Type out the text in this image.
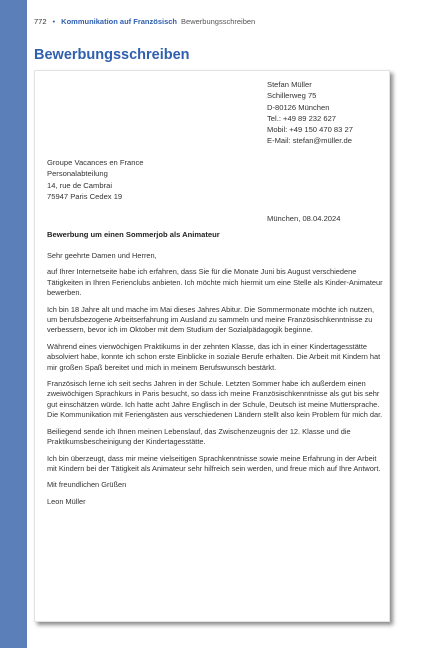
772 • Kommunikation auf Französisch Bewerbungsschreiben
Bewerbungsschreiben
Stefan Müller
Schillerweg 75
D-80126 München
Tel.: +49 89 232 627
Mobil: +49 150 470 83 27
E-Mail: stefan@müller.de
Groupe Vacances en France
Personalabteilung
14, rue de Cambrai
75947 Paris Cedex 19
München, 08.04.2024
Bewerbung um einen Sommerjob als Animateur

Sehr geehrte Damen und Herren,

auf Ihrer Internetseite habe ich erfahren, dass Sie für die Monate Juni bis August verschiedene Tätigkeiten in Ihren Ferienclubs anbieten. Ich möchte mich hiermit um eine Stelle als Kinder-Animateur bewerben.

Ich bin 18 Jahre alt und mache im Mai dieses Jahres Abitur. Die Sommermonate möchte ich nutzen, um berufsbezogene Arbeitserfahrung im Ausland zu sammeln und meine Französischkenntnisse zu verbessern, bevor ich im Oktober mit dem Studium der Sozialpädagogik beginne.

Während eines vierwöchigen Praktikums in der zehnten Klasse, das ich in einer Kindertagesstätte absolviert habe, konnte ich schon erste Einblicke in soziale Berufe erhalten. Die Arbeit mit Kindern hat mir großen Spaß bereitet und mich in meinem Berufswunsch bestärkt.

Französisch lerne ich seit sechs Jahren in der Schule. Letzten Sommer habe ich außerdem einen zweiwöchigen Sprachkurs in Paris besucht, so dass ich meine Französischkenntnisse als gut bis sehr gut einschätzen würde. Ich hatte acht Jahre Englisch in der Schule, Deutsch ist meine Muttersprache. Die Kommunikation mit Feriengästen aus verschiedenen Ländern stellt also kein Problem für mich dar.

Beiliegend sende ich Ihnen meinen Lebenslauf, das Zwischenzeugnis der 12. Klasse und die Praktikumsbescheinigung der Kindertagesstätte.

Ich bin überzeugt, dass mir meine vielseitigen Sprachkenntnisse sowie meine Erfahrung in der Arbeit mit Kindern bei der Tätigkeit als Animateur sehr hilfreich sein werden, und freue mich auf Ihre Antwort.

Mit freundlichen Grüßen

Leon Müller
